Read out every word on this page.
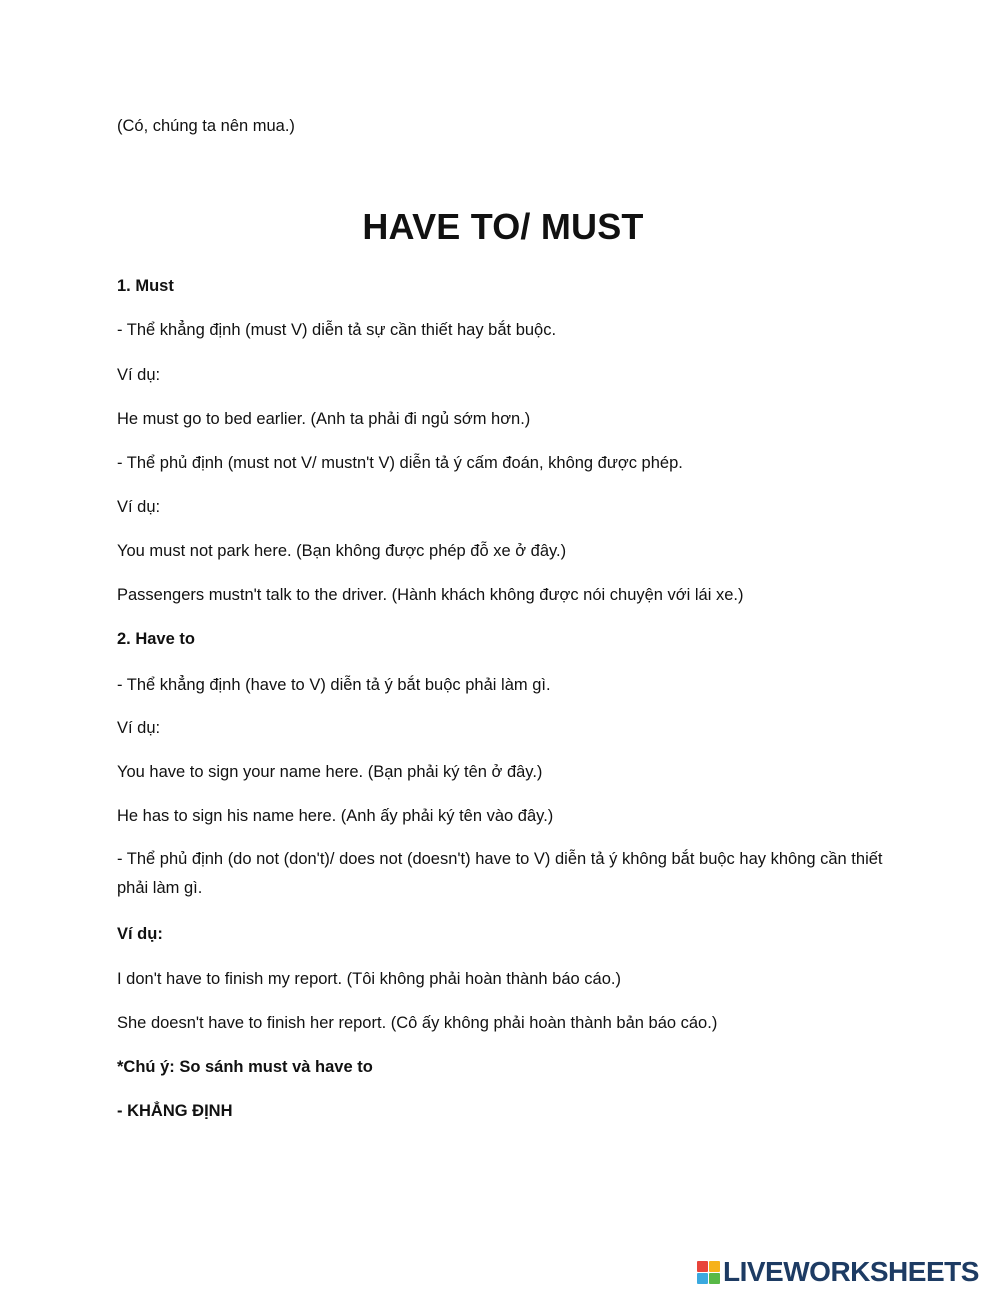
(Có, chúng ta nên mua.)
HAVE TO/ MUST
1. Must
- Thể khẳng định (must V) diễn tả sự cần thiết hay bắt buộc.
Ví dụ:
He must go to bed earlier. (Anh ta phải đi ngủ sớm hơn.)
- Thể phủ định (must not V/ mustn't V) diễn tả ý cấm đoán, không được phép.
Ví dụ:
You must not park here. (Bạn không được phép đỗ xe ở đây.)
Passengers mustn't talk to the driver. (Hành khách không được nói chuyện với lái xe.)
2. Have to
- Thể khẳng định (have to V) diễn tả ý bắt buộc phải làm gì.
Ví dụ:
You have to sign your name here. (Bạn phải ký tên ở đây.)
He has to sign his name here. (Anh ấy phải ký tên vào đây.)
- Thể phủ định (do not (don't)/ does not (doesn't) have to V) diễn tả ý không bắt buộc hay không cần thiết phải làm gì.
Ví dụ:
I don't have to finish my report. (Tôi không phải hoàn thành báo cáo.)
She doesn't have to finish her report. (Cô ấy không phải hoàn thành bản báo cáo.)
*Chú ý: So sánh must và have to
- KHẲNG ĐỊNH
LIVEWORKSHEETS
